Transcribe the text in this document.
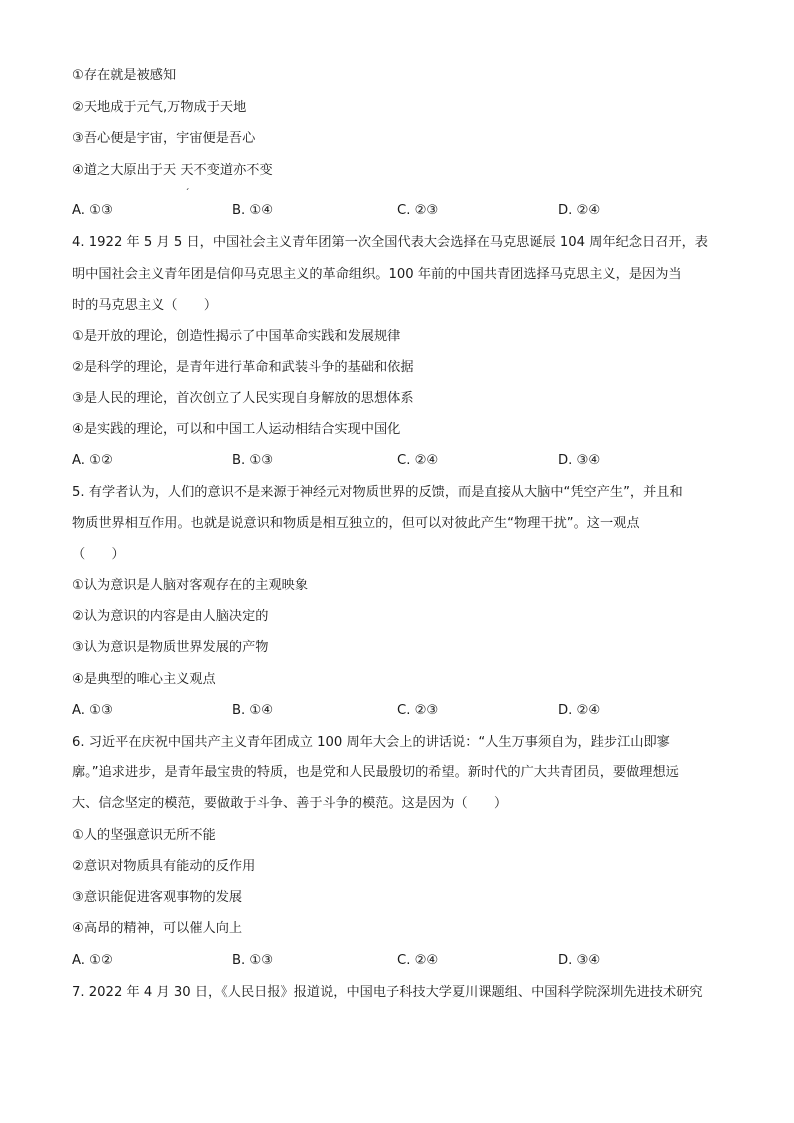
①存在就是被感知
②天地成于元气,万物成于天地
③吾心便是宇宙，宇宙便是吾心
④道之大原出于天 天不变道亦不变
ˏ
A. ①③	B. ①④	C. ②③	D. ②④
4. 1922 年 5 月 5 日，中国社会主义青年团第一次全国代表大会选择在马克思诞辰 104 周年纪念日召开，表
明中国社会主义青年团是信仰马克思主义的革命组织。100 年前的中国共青团选择马克思主义，是因为当
时的马克思主义（　　）
①是开放的理论，创造性揭示了中国革命实践和发展规律
②是科学的理论，是青年进行革命和武装斗争的基础和依据
③是人民的理论，首次创立了人民实现自身解放的思想体系
④是实践的理论，可以和中国工人运动相结合实现中国化
A. ①②	B. ①③	C. ②④	D. ③④
5. 有学者认为，人们的意识不是来源于神经元对物质世界的反馈，而是直接从大脑中“凭空产生”，并且和
物质世界相互作用。也就是说意识和物质是相互独立的，但可以对彼此产生“物理干扰”。这一观点
（　　）
①认为意识是人脑对客观存在的主观映象
②认为意识的内容是由人脑决定的
③认为意识是物质世界发展的产物
④是典型的唯心主义观点
A. ①③	B. ①④	C. ②③	D. ②④
6. 习近平在庆祝中国共产主义青年团成立 100 周年大会上的讲话说：“人生万事须自为，跬步江山即寥
廓。”追求进步，是青年最宝贵的特质，也是党和人民最殷切的希望。新时代的广大共青团员，要做理想远
大、信念坚定的模范，要做敢于斗争、善于斗争的模范。这是因为（　　）
①人的坚强意识无所不能
②意识对物质具有能动的反作用
③意识能促进客观事物的发展
④高昂的精神，可以催人向上
A. ①②	B. ①③	C. ②④	D. ③④
7. 2022 年 4 月 30 日，《人民日报》报道说，中国电子科技大学夏川课题组、中国科学院深圳先进技术研究
